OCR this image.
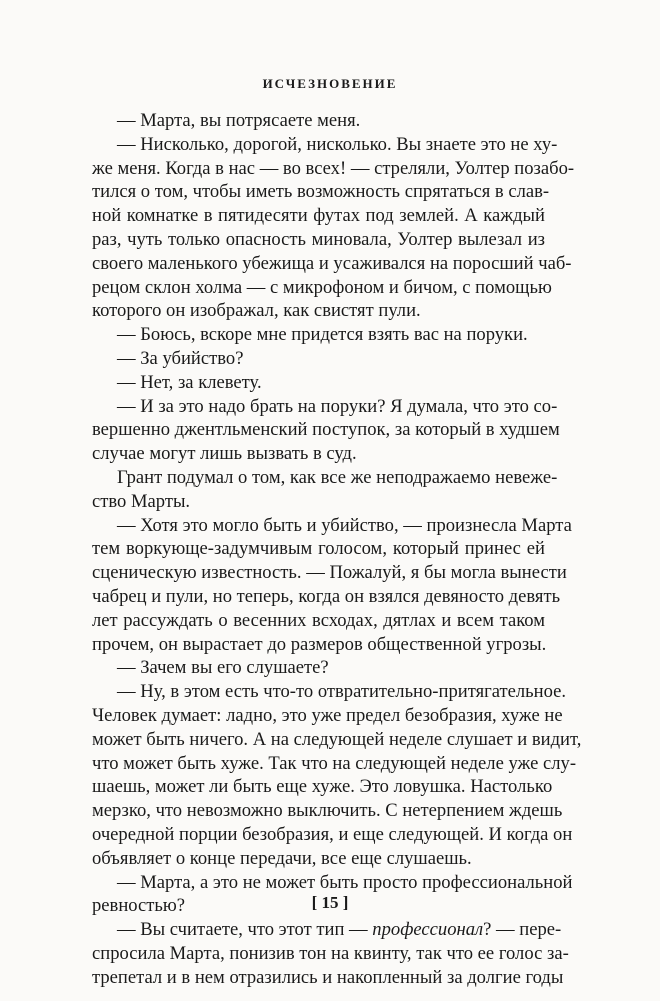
ИСЧЕЗНОВЕНИЕ
— Марта, вы потрясаете меня.
— Нисколько, дорогой, нисколько. Вы знаете это не ху-
же меня. Когда в нас — во всех! — стреляли, Уолтер позабо-
тился о том, чтобы иметь возможность спрятаться в слав-
ной комнатке в пятидесяти футах под землей. А каждый
раз, чуть только опасность миновала, Уолтер вылезал из
своего маленького убежища и усаживался на поросший чаб-
рецом склон холма — с микрофоном и бичом, с помощью
которого он изображал, как свистят пули.
— Боюсь, вскоре мне придется взять вас на поруки.
— За убийство?
— Нет, за клевету.
— И за это надо брать на поруки? Я думала, что это со-
вершенно джентльменский поступок, за который в худшем
случае могут лишь вызвать в суд.
Грант подумал о том, как все же неподражаемо невеже-
ство Марты.
— Хотя это могло быть и убийство, — произнесла Марта
тем воркующе-задумчивым голосом, который принес ей
сценическую известность. — Пожалуй, я бы могла вынести
чабрец и пули, но теперь, когда он взялся девяносто девять
лет рассуждать о весенних всходах, дятлах и всем таком
прочем, он вырастает до размеров общественной угрозы.
— Зачем вы его слушаете?
— Ну, в этом есть что-то отвратительно-притягательное.
Человек думает: ладно, это уже предел безобразия, хуже не
может быть ничего. А на следующей неделе слушает и видит,
что может быть хуже. Так что на следующей неделе уже слу-
шаешь, может ли быть еще хуже. Это ловушка. Настолько
мерзко, что невозможно выключить. С нетерпением ждешь
очередной порции безобразия, и еще следующей. И когда он
объявляет о конце передачи, все еще слушаешь.
— Марта, а это не может быть просто профессиональной
ревностью?
— Вы считаете, что этот тип — профессионал? — пере-
спросила Марта, понизив тон на квинту, так что ее голос за-
трепетал и в нем отразились и накопленный за долгие годы
[ 15 ]
